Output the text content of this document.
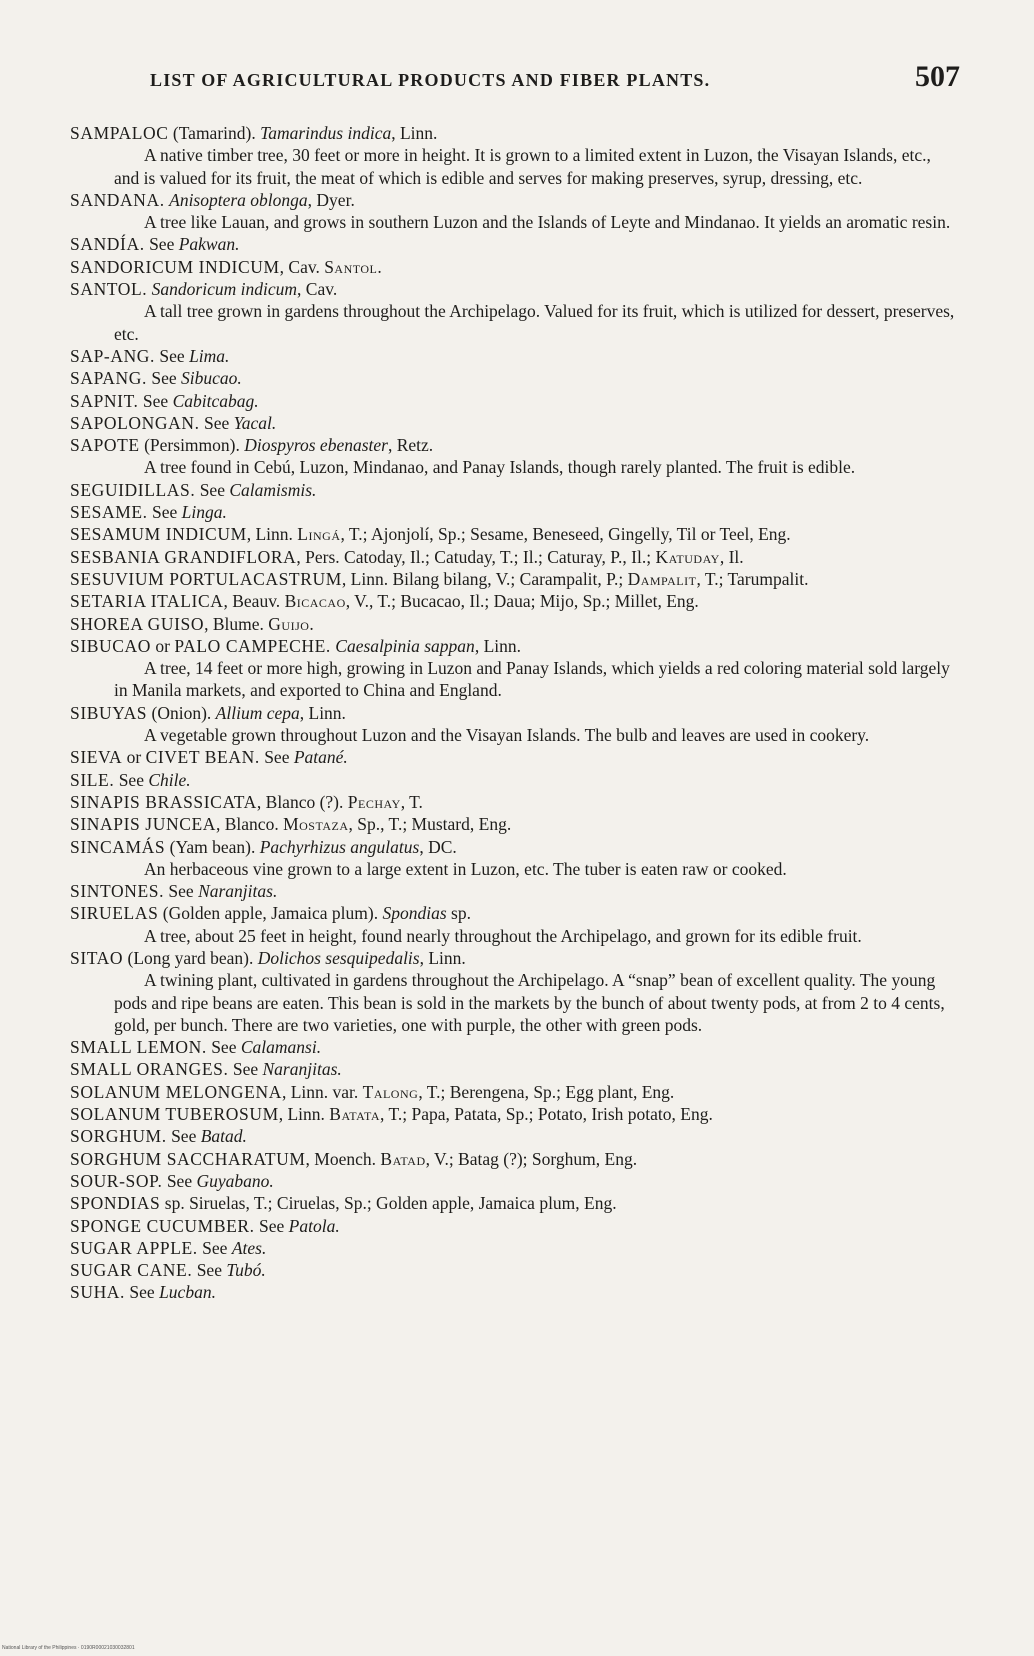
LIST OF AGRICULTURAL PRODUCTS AND FIBER PLANTS.	507
SAMPALOC (Tamarind). Tamarindus indica, Linn.
A native timber tree, 30 feet or more in height. It is grown to a limited extent in Luzon, the Visayan Islands, etc., and is valued for its fruit, the meat of which is edible and serves for making preserves, syrup, dressing, etc.
SANDANA. Anisoptera oblonga, Dyer.
A tree like Lauan, and grows in southern Luzon and the Islands of Leyte and Mindanao. It yields an aromatic resin.
SANDÍA. See Pakwan.
SANDORICUM INDICUM, Cav. Santol.
SANTOL. Sandoricum indicum, Cav.
A tall tree grown in gardens throughout the Archipelago. Valued for its fruit, which is utilized for dessert, preserves, etc.
SAP-ANG. See Lima.
SAPANG. See Sibucao.
SAPNIT. See Cabitcabag.
SAPOLONGAN. See Yacal.
SAPOTE (Persimmon). Diospyros ebenaster, Retz.
A tree found in Cebú, Luzon, Mindanao, and Panay Islands, though rarely planted. The fruit is edible.
SEGUIDILLAS. See Calamismis.
SESAME. See Linga.
SESAMUM INDICUM, Linn. Lingá, T.; Ajonjolí, Sp.; Sesame, Beneseed, Gingelly, Til or Teel, Eng.
SESBANIA GRANDIFLORA, Pers. Catoday, Il.; Catuday, T.; Il.; Caturay, P., Il.; Katuday, Il.
SESUVIUM PORTULACASTRUM, Linn. Bilang bilang, V.; Carampalit, P.; Dampalit, T.; Tarumpalit.
SETARIA ITALICA, Beauv. Bicacao, V., T.; Bucacao, Il.; Daua; Mijo, Sp.; Millet, Eng.
SHOREA GUISO, Blume. Guijo.
SIBUCAO or PALO CAMPECHE. Caesalpinia sappan, Linn.
A tree, 14 feet or more high, growing in Luzon and Panay Islands, which yields a red coloring material sold largely in Manila markets, and exported to China and England.
SIBUYAS (Onion). Allium cepa, Linn.
A vegetable grown throughout Luzon and the Visayan Islands. The bulb and leaves are used in cookery.
SIEVA or CIVET BEAN. See Patané.
SILE. See Chile.
SINAPIS BRASSICATA, Blanco (?). Pechay, T.
SINAPIS JUNCEA, Blanco. Mostaza, Sp., T.; Mustard, Eng.
SINCAMÁS (Yam bean). Pachyrhizus angulatus, DC.
An herbaceous vine grown to a large extent in Luzon, etc. The tuber is eaten raw or cooked.
SINTONES. See Naranjitas.
SIRUELAS (Golden apple, Jamaica plum). Spondias sp.
A tree, about 25 feet in height, found nearly throughout the Archipelago, and grown for its edible fruit.
SITAO (Long yard bean). Dolichos sesquipedalis, Linn.
A twining plant, cultivated in gardens throughout the Archipelago. A “snap” bean of excellent quality. The young pods and ripe beans are eaten. This bean is sold in the markets by the bunch of about twenty pods, at from 2 to 4 cents, gold, per bunch. There are two varieties, one with purple, the other with green pods.
SMALL LEMON. See Calamansi.
SMALL ORANGES. See Naranjitas.
SOLANUM MELONGENA, Linn. var. Talong, T.; Berengena, Sp.; Egg plant, Eng.
SOLANUM TUBEROSUM, Linn. Batata, T.; Papa, Patata, Sp.; Potato, Irish potato, Eng.
SORGHUM. See Batad.
SORGHUM SACCHARATUM, Moench. Batad, V.; Batag (?); Sorghum, Eng.
SOUR-SOP. See Guyabano.
SPONDIAS sp. Siruelas, T.; Ciruelas, Sp.; Golden apple, Jamaica plum, Eng.
SPONGE CUCUMBER. See Patola.
SUGAR APPLE. See Ates.
SUGAR CANE. See Tubó.
SUHA. See Lucban.
National Library of the Philippines · 0190R00021030032801
